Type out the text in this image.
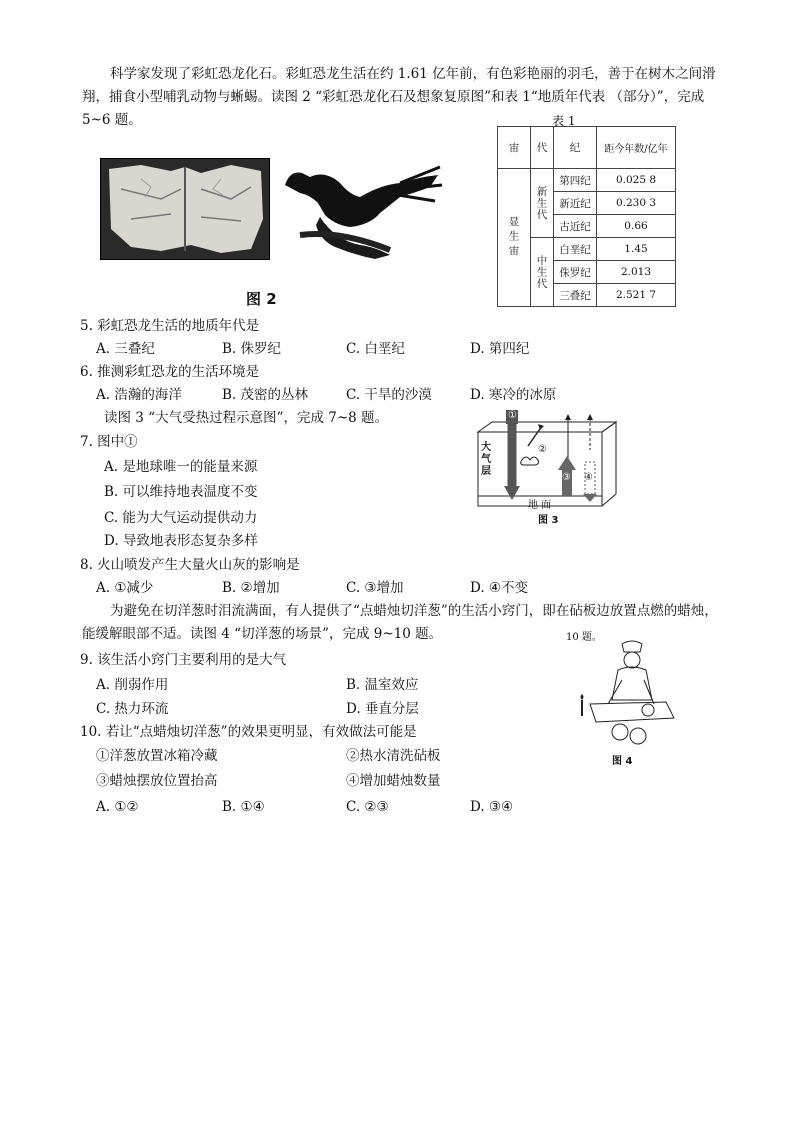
科学家发现了彩虹恐龙化石。彩虹恐龙生活在约 1.61 亿年前，有色彩艳丽的羽毛，善于在树木之间滑翔，捕食小型哺乳动物与蜥蜴。读图 2 “彩虹恐龙化石及想象复原图”和表 1“地质年代表 （部分）”，完成 5~6 题。
图 2
表 1
宙	代	纪	距今年数/亿年
显生宙	新生代	第四纪	0.025 8
		新近纪	0.230 3
		古近纪	0.66
	中生代	白垩纪	1.45
		侏罗纪	2.013
		三叠纪	2.521 7
5. 彩虹恐龙生活的地质年代是
A. 三叠纪	B. 侏罗纪	C. 白垩纪	D. 第四纪
6. 推测彩虹恐龙的生活环境是
A. 浩瀚的海洋	B. 茂密的丛林	C. 干旱的沙漠	D. 寒冷的冰原
读图 3 “大气受热过程示意图”，完成 7~8 题。	①
②
③ ④
大气层
地 面
图 3
7. 图中①
A. 是地球唯一的能量来源
B. 可以维持地表温度不变
C. 能为大气运动提供动力
D. 导致地表形态复杂多样
8. 火山喷发产生大量火山灰的影响是
A. ①减少	B. ②增加	C. ③增加	D. ④不变
为避免在切洋葱时泪流满面，有人提供了“点蜡烛切洋葱”的生活小窍门，即在砧板边放置点燃的蜡烛，能缓解眼部不适。读图 4 “切洋葱的场景”，完成 9~10 题。	10 题。
图 4
9. 该生活小窍门主要利用的是大气
A. 削弱作用	B. 温室效应
C. 热力环流	D. 垂直分层
10. 若让“点蜡烛切洋葱”的效果更明显，有效做法可能是
①洋葱放置冰箱冷藏	②热水清洗砧板
③蜡烛摆放位置抬高	④增加蜡烛数量
A. ①②	B. ①④	C. ②③	D. ③④
